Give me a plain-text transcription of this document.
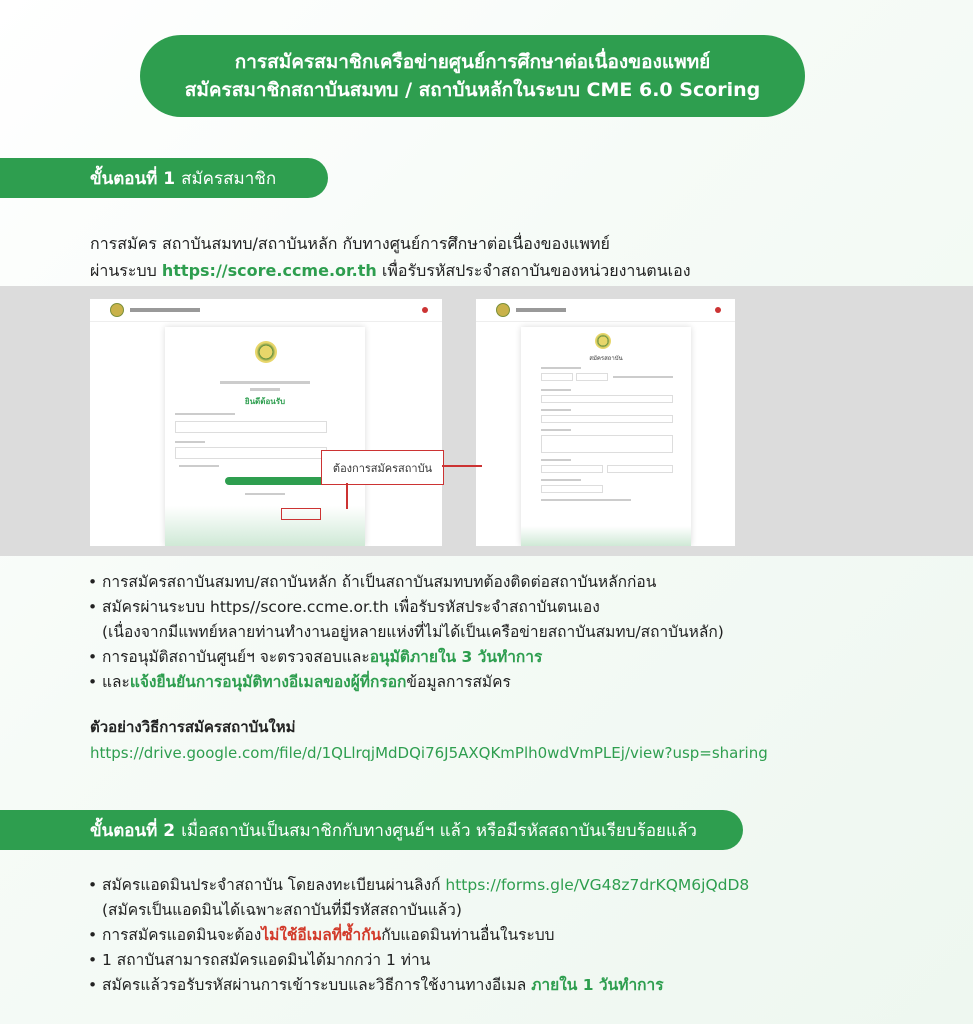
การสมัครสมาชิกเครือข่ายศูนย์การศึกษาต่อเนื่องของแพทย์
สมัครสมาชิกสถาบันสมทบ / สถาบันหลักในระบบ CME 6.0 Scoring
ขั้นตอนที่ 1 สมัครสมาชิก
การสมัคร สถาบันสมทบ/สถาบันหลัก กับทางศูนย์การศึกษาต่อเนื่องของแพทย์
ผ่านระบบ https://score.ccme.or.th เพื่อรับรหัสประจำสถาบันของหน่วยงานตนเอง
ยินดีต้อนรับ
สมัครสถาบัน
ต้องการสมัครสถาบัน
• การสมัครสถาบันสมทบ/สถาบันหลัก ถ้าเป็นสถาบันสมทบทต้องติดต่อสถาบันหลักก่อน
• สมัครผ่านระบบ https//score.ccme.or.th เพื่อรับรหัสประจำสถาบันตนเอง
(เนื่องจากมีแพทย์หลายท่านทำงานอยู่หลายแห่งที่ไม่ได้เป็นเครือข่ายสถาบันสมทบ/สถาบันหลัก)
• การอนุมัติสถาบันศูนย์ฯ จะตรวจสอบและอนุมัติภายใน 3 วันทำการ
• และแจ้งยืนยันการอนุมัติทางอีเมลของผู้ที่กรอกข้อมูลการสมัคร
ตัวอย่างวิธีการสมัครสถาบันใหม่
https://drive.google.com/file/d/1QLlrqjMdDQi76J5AXQKmPlh0wdVmPLEj/view?usp=sharing
ขั้นตอนที่ 2 เมื่อสถาบันเป็นสมาชิกกับทางศูนย์ฯ แล้ว หรือมีรหัสสถาบันเรียบร้อยแล้ว
• สมัครแอดมินประจำสถาบัน โดยลงทะเบียนผ่านลิงก์ https://forms.gle/VG48z7drKQM6jQdD8
(สมัครเป็นแอดมินได้เฉพาะสถาบันที่มีรหัสสถาบันแล้ว)
• การสมัครแอดมินจะต้องไม่ใช้อีเมลที่ซ้ำกันกับแอดมินท่านอื่นในระบบ
• 1 สถาบันสามารถสมัครแอดมินได้มากกว่า 1 ท่าน
• สมัครแล้วรอรับรหัสผ่านการเข้าระบบและวิธีการใช้งานทางอีเมล ภายใน 1 วันทำการ
